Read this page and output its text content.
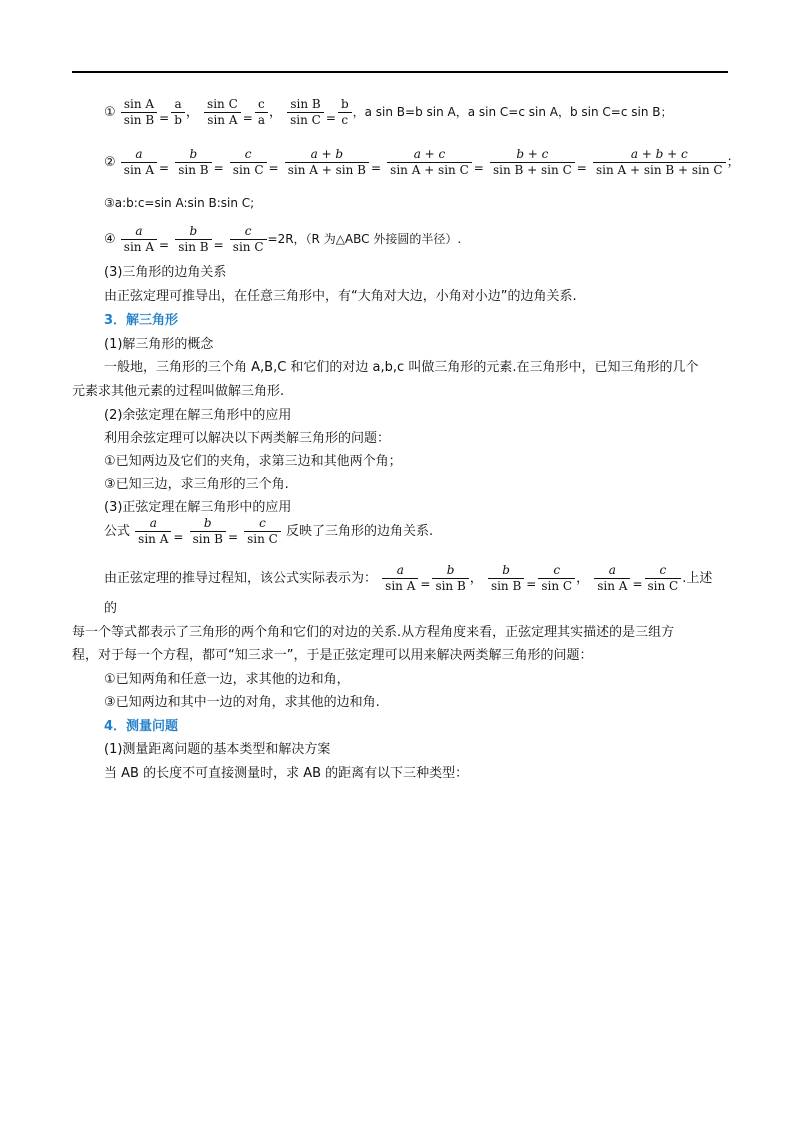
① $\frac{\text{sin A}}{\text{sin B}} = \frac{a}{b}$ ， $\frac{\text{sin C}}{\text{sin A}} = \frac{c}{a}$ ， $\frac{\text{sin B}}{\text{sin C}} = \frac{b}{c}$ ，a sin B=b sin A，a sin C=c sin A，b sin C=c sin B；
② $\frac{a}{\text{sin A}} = \frac{b}{\text{sin B}} = \frac{c}{\text{sin C}} = \frac{a + b}{\text{sin A + sin B}} = \frac{a + c}{\text{sin A + sin C}} = \frac{b + c}{\text{sin B + sin C}} = \frac{a + b + c}{\text{sin A + sin B + sin C}}$ ；
③a:b:c=sin A:sin B:sin C;
④ $\frac{a}{\text{sin A}} = \frac{b}{\text{sin B}} = \frac{c}{\text{sin C}} =2R$，（R 为△ABC 外接圆的半径）.
(3)三角形的边角关系
由正弦定理可推导出，在任意三角形中，有“大角对大边，小角对小边”的边角关系.
3．解三角形
(1)解三角形的概念
一般地，三角形的三个角 A,B,C 和它们的对边 a,b,c 叫做三角形的元素.在三角形中，已知三角形的几个
元素求其他元素的过程叫做解三角形.
(2)余弦定理在解三角形中的应用
利用余弦定理可以解决以下两类解三角形的问题：
①已知两边及它们的夹角，求第三边和其他两个角；
③已知三边，求三角形的三个角.
(3)正弦定理在解三角形中的应用
公式 $\frac{a}{\text{sin A}} = \frac{b}{\text{sin B}} = \frac{c}{\text{sin C}}$ 反映了三角形的边角关系.
由正弦定理的推导过程知，该公式实际表示为： $\frac{a}{\text{sin A}} = \frac{b}{\text{sin B}}$ ， $\frac{b}{\text{sin B}} = \frac{c}{\text{sin C}}$ ， $\frac{a}{\text{sin A}} = \frac{c}{\text{sin C}}$ .上述
的
每一个等式都表示了三角形的两个角和它们的对边的关系.从方程角度来看，正弦定理其实描述的是三组方
程，对于每一个方程，都可“知三求一”，于是正弦定理可以用来解决两类解三角形的问题：
①已知两角和任意一边，求其他的边和角，
③已知两边和其中一边的对角，求其他的边和角.
4．测量问题
(1)测量距离问题的基本类型和解决方案
当 AB 的长度不可直接测量时，求 AB 的距离有以下三种类型：
